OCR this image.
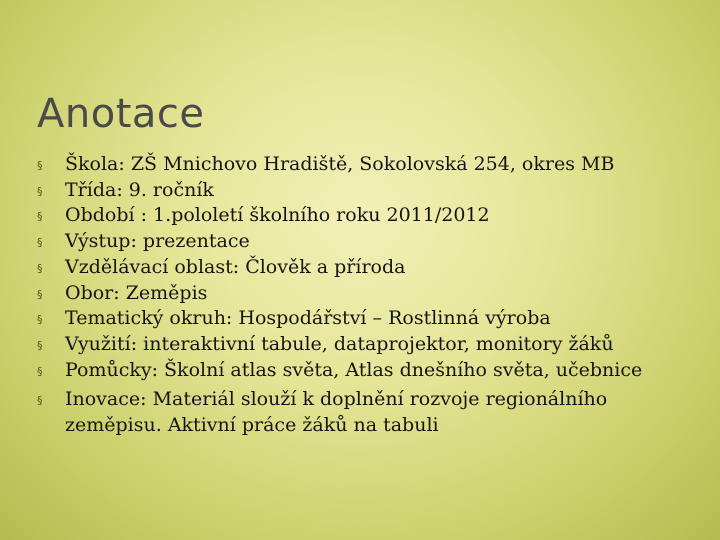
Anotace
§ Škola: ZŠ Mnichovo Hradiště, Sokolovská 254, okres MB
§ Třída: 9. ročník
§ Období : 1.pololetí školního roku 2011/2012
§ Výstup: prezentace
§ Vzdělávací oblast: Člověk a příroda
§ Obor: Zeměpis
§ Tematický okruh: Hospodářství – Rostlinná výroba
§ Využití: interaktivní tabule, dataprojektor, monitory žáků
§ Pomůcky: Školní atlas světa, Atlas dnešního světa, učebnice
§ Inovace: Materiál slouží k doplnění rozvoje regionálního zeměpisu. Aktivní práce žáků na tabuli
